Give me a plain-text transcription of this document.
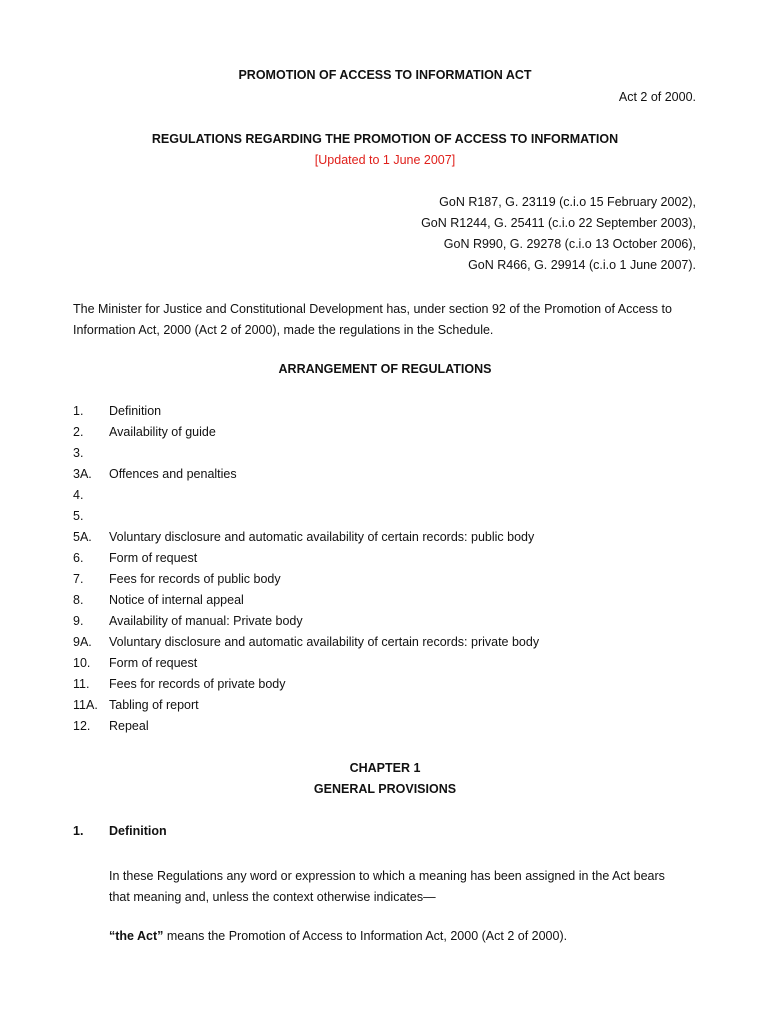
PROMOTION OF ACCESS TO INFORMATION ACT
Act 2 of 2000.
REGULATIONS REGARDING THE PROMOTION OF ACCESS TO INFORMATION
[Updated to 1 June 2007]
GoN R187, G. 23119 (c.i.o 15 February 2002),
GoN R1244, G. 25411 (c.i.o 22 September 2003),
GoN R990, G. 29278 (c.i.o 13 October 2006),
GoN R466, G. 29914 (c.i.o 1 June 2007).
The Minister for Justice and Constitutional Development has, under section 92 of the Promotion of Access to
Information Act, 2000 (Act 2 of 2000), made the regulations in the Schedule.
ARRANGEMENT OF REGULATIONS
1. Definition
2. Availability of guide
3.
3A. Offences and penalties
4.
5.
5A. Voluntary disclosure and automatic availability of certain records: public body
6. Form of request
7. Fees for records of public body
8. Notice of internal appeal
9. Availability of manual: Private body
9A. Voluntary disclosure and automatic availability of certain records: private body
10. Form of request
11. Fees for records of private body
11A. Tabling of report
12. Repeal
CHAPTER 1
GENERAL PROVISIONS
1. Definition
In these Regulations any word or expression to which a meaning has been assigned in the Act bears
that meaning and, unless the context otherwise indicates—
“the Act” means the Promotion of Access to Information Act, 2000 (Act 2 of 2000).
